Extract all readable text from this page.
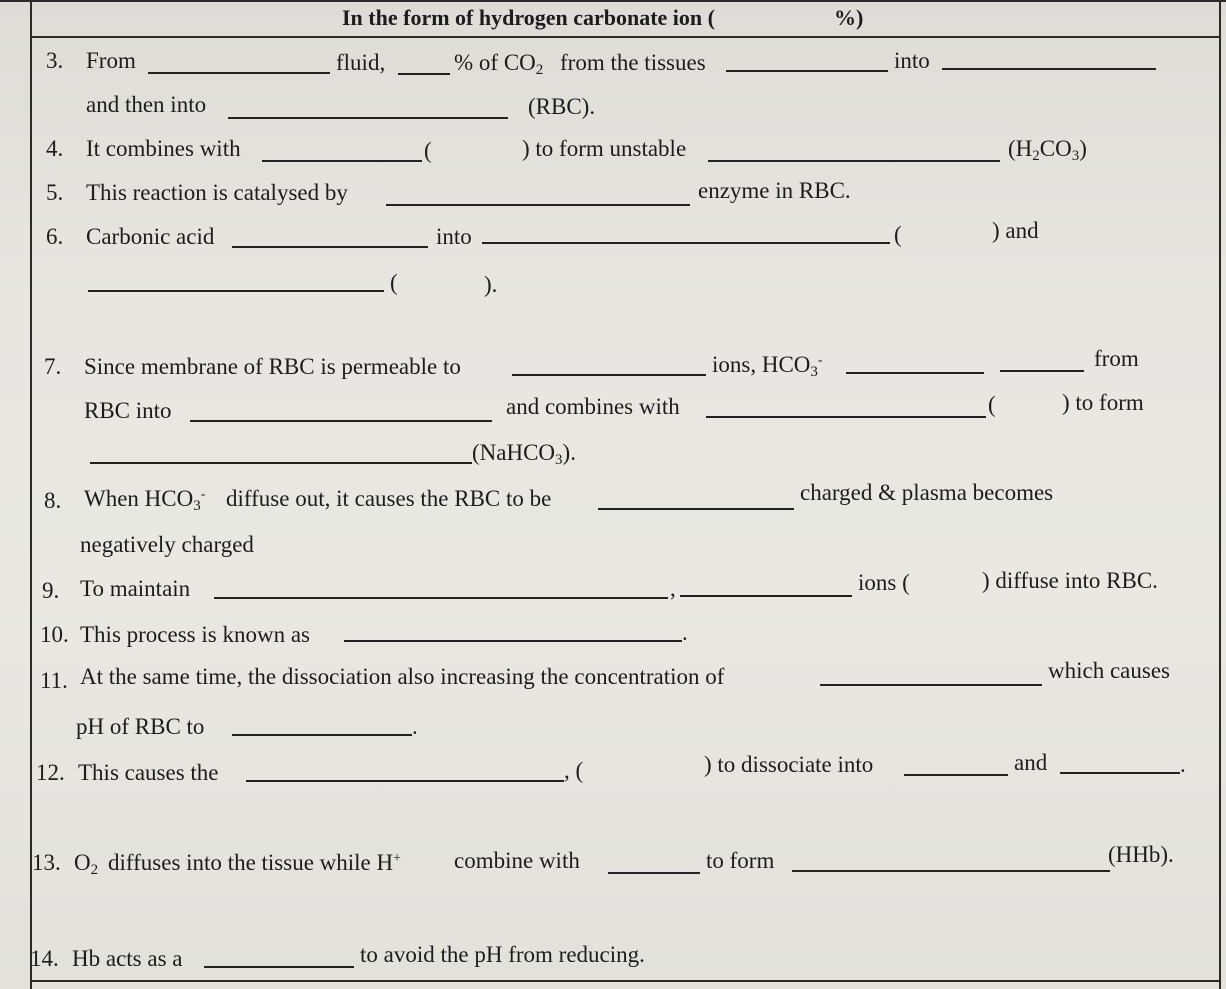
In the form of hydrogen carbonate ion (	%)
3. From	fluid,	% of $CO_2$ from the tissues	into
and then into	(RBC).
4. It combines with	(	) to form unstable	$(H_2CO_3)$
5. This reaction is catalysed by	enzyme in RBC.
6. Carbonic acid	into	(	) and
(	).
7. Since membrane of RBC is permeable to	ions, $HCO_3^-$	from
RBC into	and combines with	(	) to form
(NaHCO$_3$).
8. When $HCO_3^-$ diffuse out, it causes the RBC to be	charged & plasma becomes
negatively charged
9. To maintain	,	ions (	) diffuse into RBC.
10. This process is known as	.
11. At the same time, the dissociation also increasing the concentration of	which causes
pH of RBC to	.
12. This causes the	, (	) to dissociate into	and	.
13. $O_2$ diffuses into the tissue while H+ combine with	to form	(HHb).
14. Hb acts as a	to avoid the pH from reducing.
